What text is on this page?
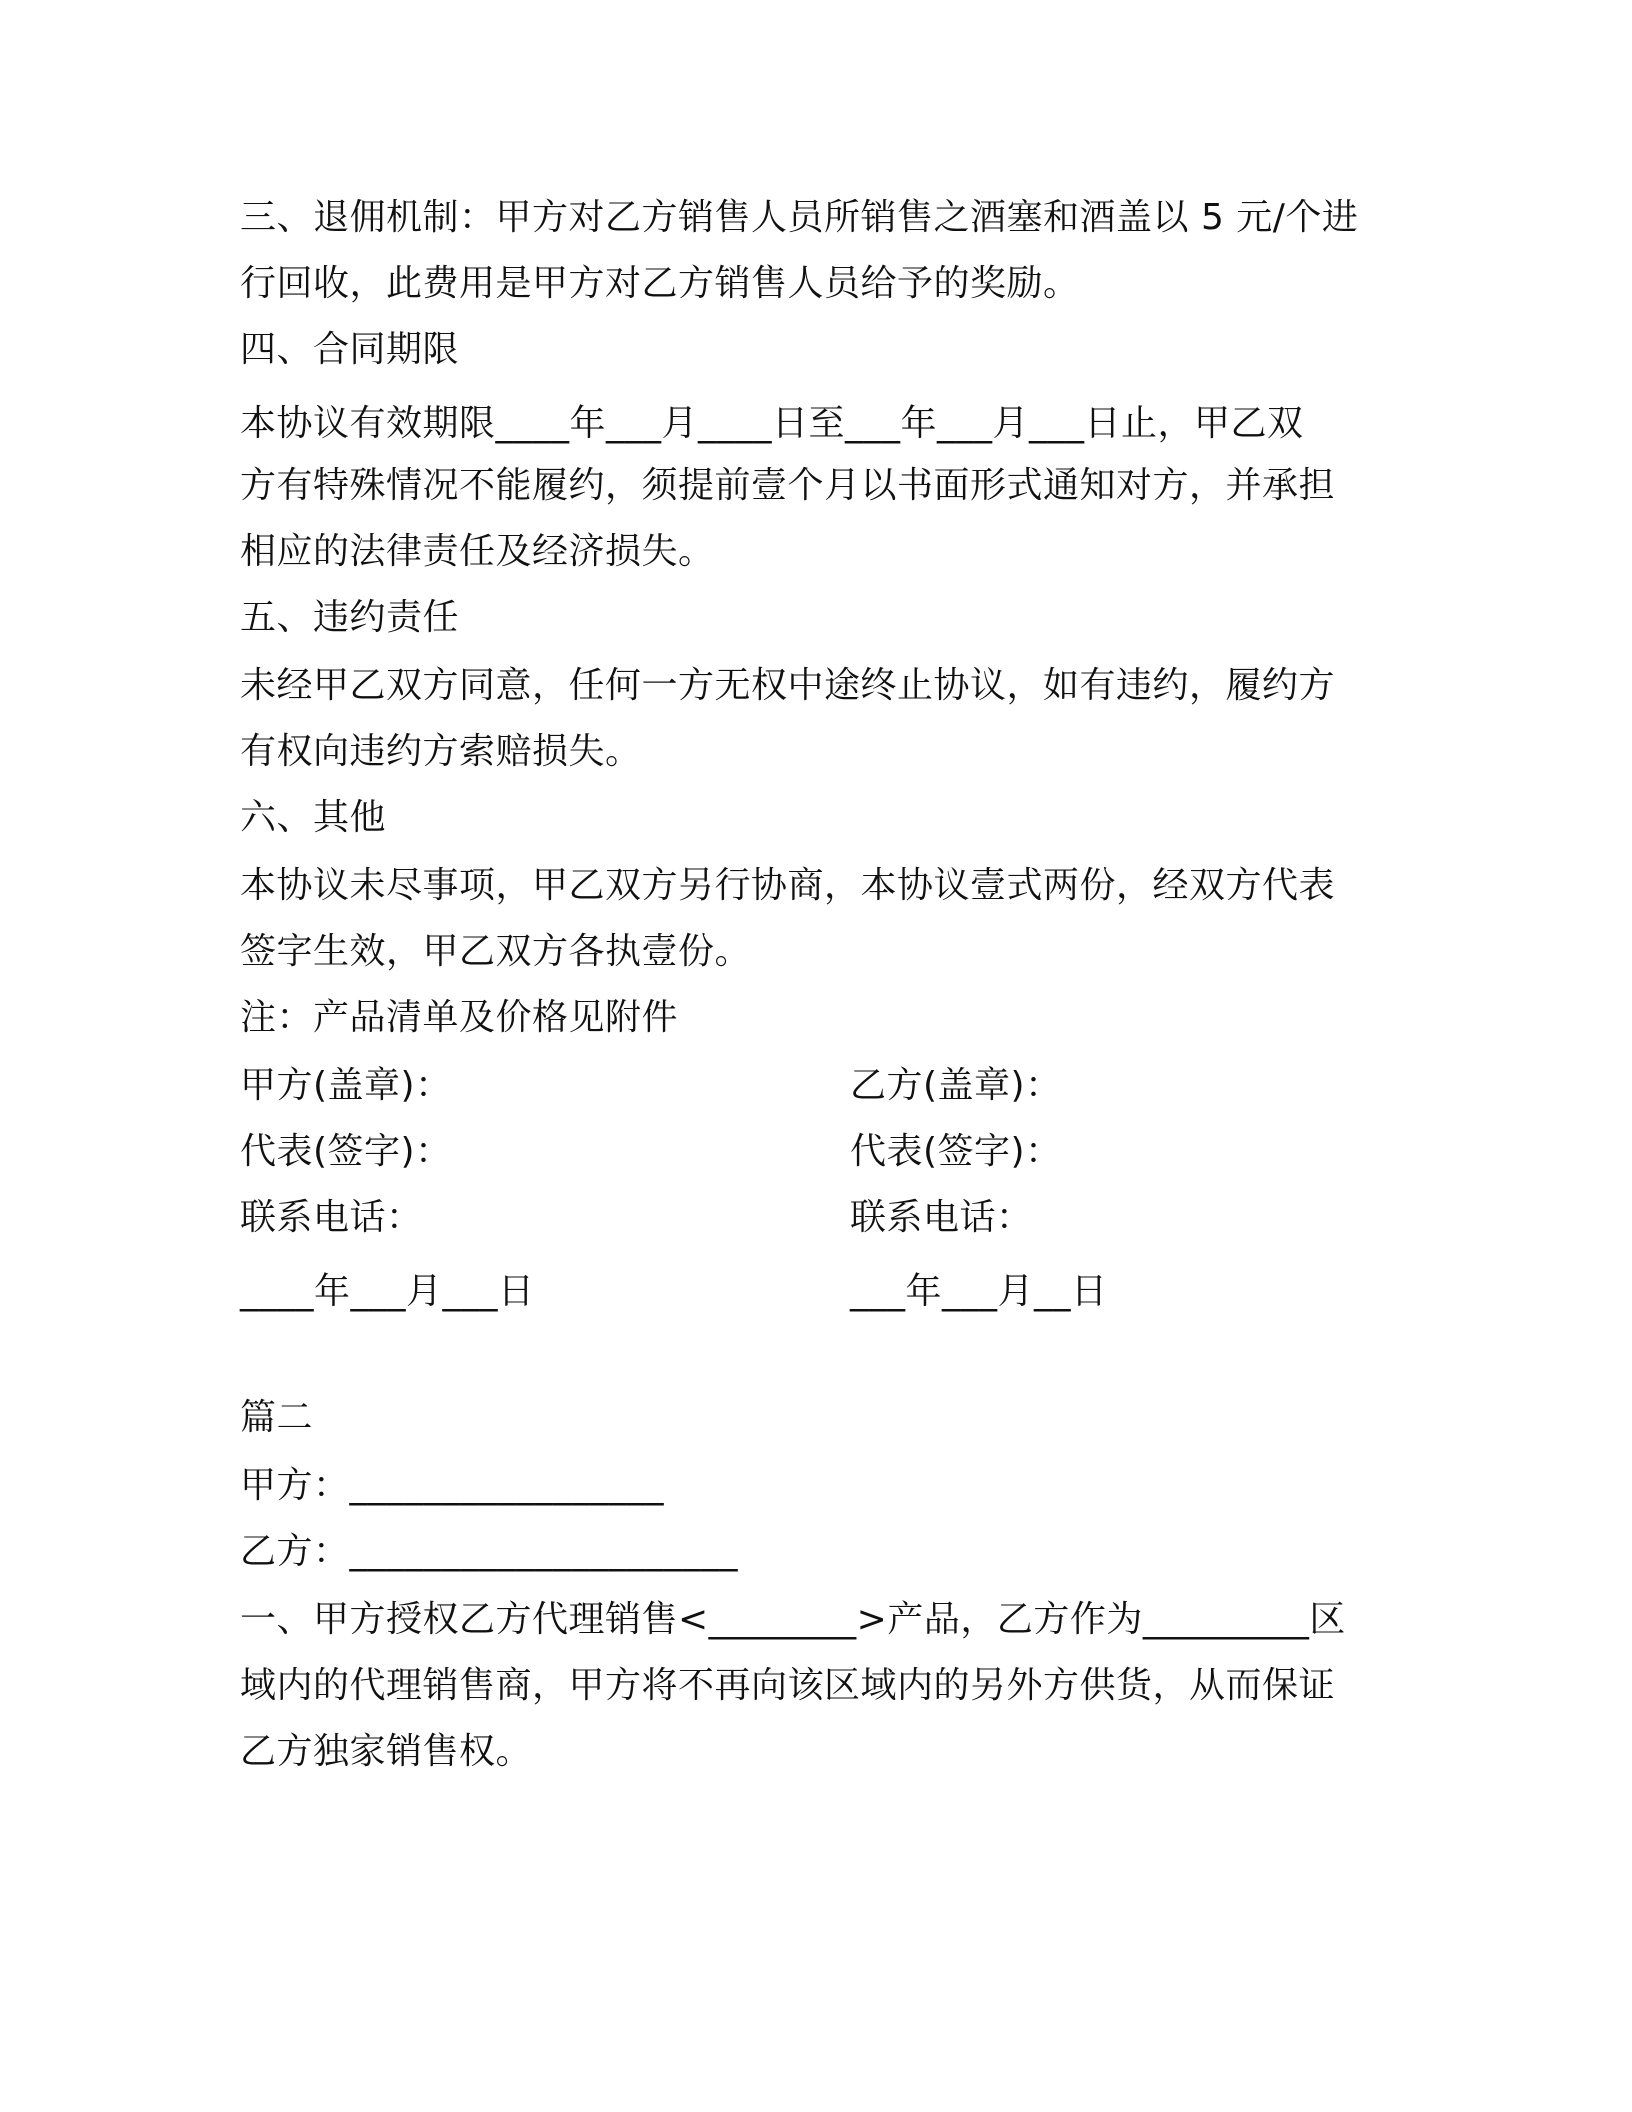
三、退佣机制：甲方对乙方销售人员所销售之酒塞和酒盖以 5 元/个进
行回收，此费用是甲方对乙方销售人员给予的奖励。
四、合同期限
本协议有效期限____年___月____日至___年___月___日止，甲乙双
方有特殊情况不能履约，须提前壹个月以书面形式通知对方，并承担
相应的法律责任及经济损失。
五、违约责任
未经甲乙双方同意，任何一方无权中途终止协议，如有违约，履约方
有权向违约方索赔损失。
六、其他
本协议未尽事项，甲乙双方另行协商，本协议壹式两份，经双方代表
签字生效，甲乙双方各执壹份。
注：产品清单及价格见附件
甲方(盖章)：	乙方(盖章)：
代表(签字)：	代表(签字)：
联系电话：	联系电话：
____年___月___日	___年___月__日
篇二
甲方：_________________
乙方：_____________________
一、甲方授权乙方代理销售<________>产品，乙方作为_________区
域内的代理销售商，甲方将不再向该区域内的另外方供货，从而保证
乙方独家销售权。
